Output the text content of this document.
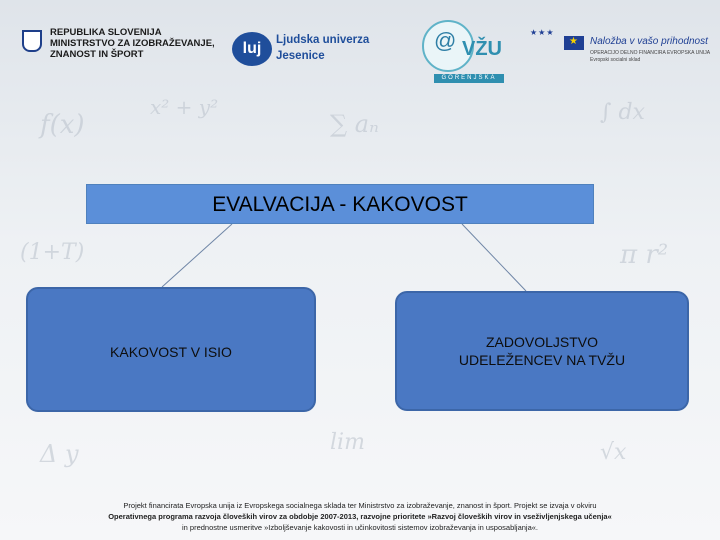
f(x)
x² + y²
∑ aₙ	∫ dx
(1+T)	π r²
lim
Δ y	√x
REPUBLIKA SLOVENIJA
MINISTRSTVO ZA IZOBRAŽEVANJE,
ZNANOST IN ŠPORT	luj	Ljudska univerza
Jesenice
@ VŽU
GORENJSKA
★★★
★
Naložba v vašo prihodnost
OPERACIJO DELNO FINANCIRA EVROPSKA UNIJA
Evropski socialni sklad
EVALVACIJA - KAKOVOST
KAKOVOST V ISIO
ZADOVOLJSTVO UDELEŽENCEV NA TVŽU
Projekt financirata Evropska unija iz Evropskega socialnega sklada ter Ministrstvo za izobraževanje, znanost in šport. Projekt se izvaja v okviru
Operativnega programa razvoja človeških virov za obdobje 2007-2013, razvojne prioritete »Razvoj človeških virov in vseživljenjskega učenja«
in prednostne usmeritve »Izboljševanje kakovosti in učinkovitosti sistemov izobraževanja in usposabljanja«.
